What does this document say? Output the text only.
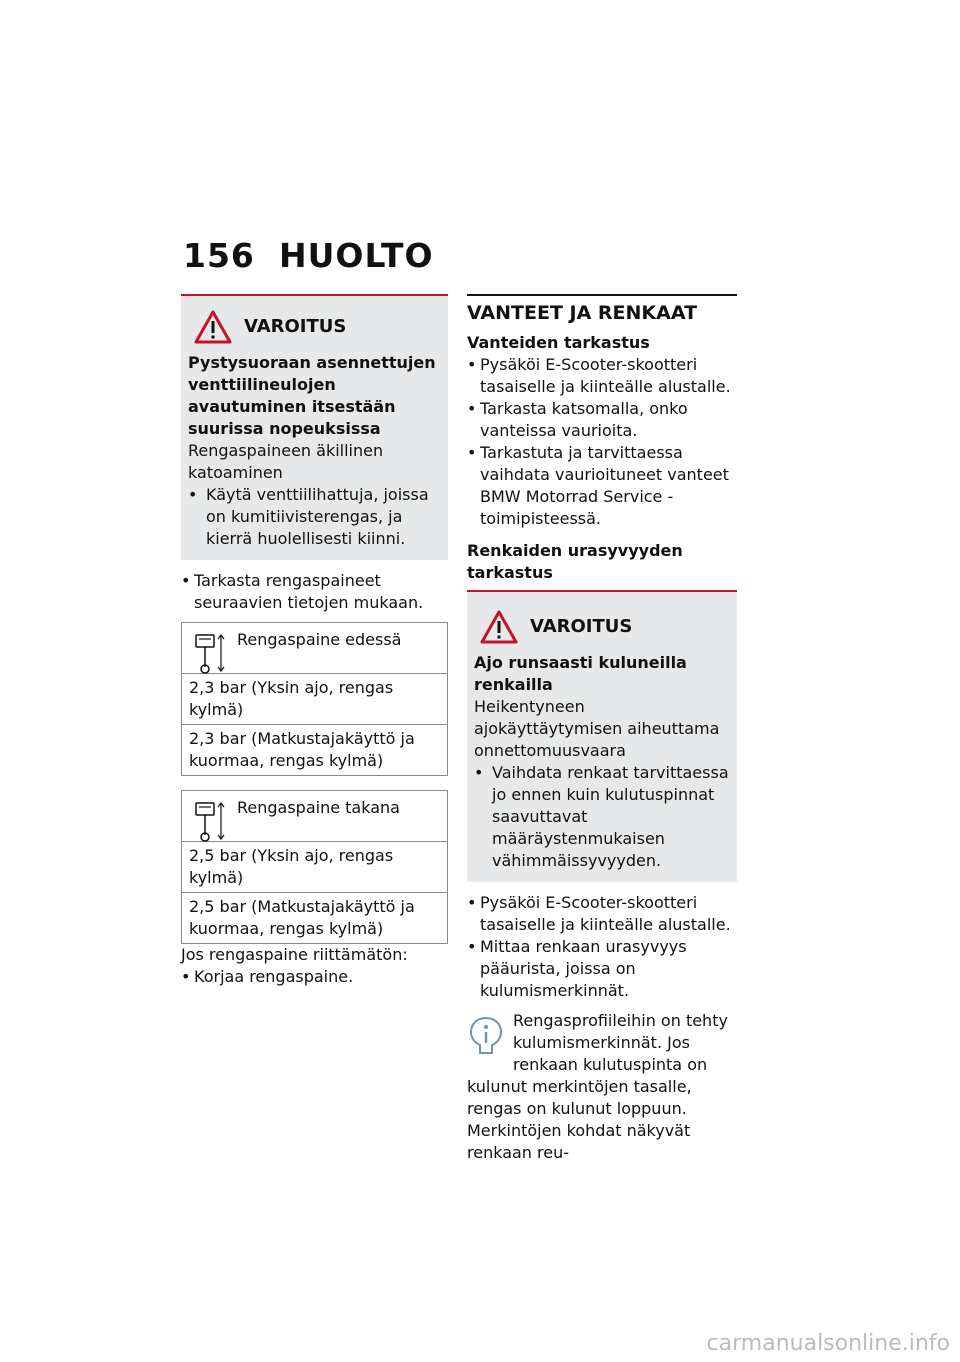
156 HUOLTO
VAROITUS
Pystysuoraan asennettujen venttiilineulojen avautuminen itsestään suurissa nopeuksissa
Rengaspaineen äkillinen katoaminen
• Käytä venttiilihattuja, joissa on kumitiivisterengas, ja kierrä huolellisesti kiinni.
• Tarkasta rengaspaineet seuraavien tietojen mukaan.
Rengaspaine edessä
2,3 bar (Yksin ajo, rengas kylmä)
2,3 bar (Matkustajakäyttö ja kuormaa, rengas kylmä)
Rengaspaine takana
2,5 bar (Yksin ajo, rengas kylmä)
2,5 bar (Matkustajakäyttö ja kuormaa, rengas kylmä)
Jos rengaspaine riittämätön:
• Korjaa rengaspaine.
VANTEET JA RENKAAT
Vanteiden tarkastus
• Pysäköi E-Scooter-skootteri tasaiselle ja kiinteälle alustalle.
• Tarkasta katsomalla, onko vanteissa vaurioita.
• Tarkastuta ja tarvittaessa vaihdata vaurioituneet vanteet BMW Motorrad Service -toimipisteessä.
Renkaiden urasyvyyden tarkastus
VAROITUS
Ajo runsaasti kuluneilla renkailla
Heikentyneen ajokäyttäytymisen aiheuttama onnettomuusvaara
• Vaihdata renkaat tarvittaessa jo ennen kuin kulutuspinnat saavuttavat määräystenmukaisen vähimmäissyvyyden.
• Pysäköi E-Scooter-skootteri tasaiselle ja kiinteälle alustalle.
• Mittaa renkaan urasyvyys pääurista, joissa on kulumismerkinnät.
Rengasprofiileihin on tehty kulumismerkinnät. Jos renkaan kulutuspinta on kulunut merkintöjen tasalle, rengas on kulunut loppuun. Merkintöjen kohdat näkyvät renkaan reu-
carmanualsonline.info
